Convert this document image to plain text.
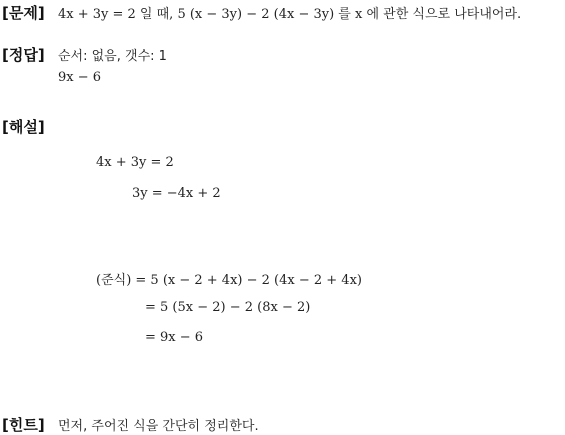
[문제] 4x + 3y = 2 일 때, 5 (x − 3y) − 2 (4x − 3y) 를 x 에 관한 식으로 나타내어라.
[정답] 순서: 없음, 갯수: 1
9x − 6
[해설]
4x + 3y = 2
3y = −4x + 2
(준식) = 5 (x − 2 + 4x) − 2 (4x − 2 + 4x)
= 5 (5x − 2) − 2 (8x − 2)
= 9x − 6
[힌트] 먼저, 주어진 식을 간단히 정리한다.
